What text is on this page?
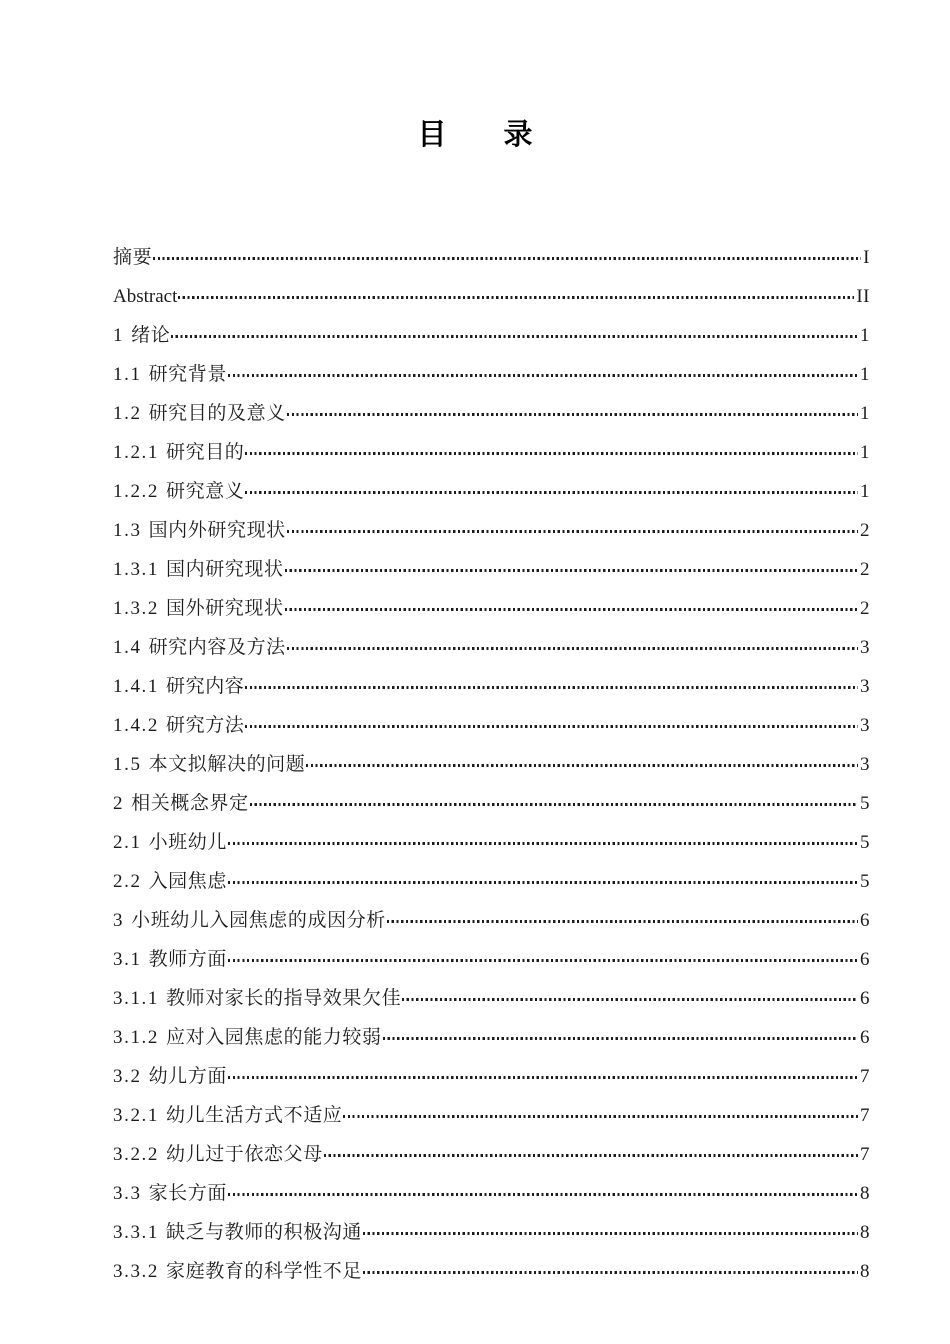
目　录
摘要	I
Abstract	II
1 绪论	1
1.1 研究背景	1
1.2 研究目的及意义	1
1.2.1 研究目的	1
1.2.2 研究意义	1
1.3 国内外研究现状	2
1.3.1 国内研究现状	2
1.3.2 国外研究现状	2
1.4 研究内容及方法	3
1.4.1 研究内容	3
1.4.2 研究方法	3
1.5 本文拟解决的问题	3
2 相关概念界定	5
2.1 小班幼儿	5
2.2 入园焦虑	5
3 小班幼儿入园焦虑的成因分析	6
3.1 教师方面	6
3.1.1 教师对家长的指导效果欠佳	6
3.1.2 应对入园焦虑的能力较弱	6
3.2 幼儿方面	7
3.2.1 幼儿生活方式不适应	7
3.2.2 幼儿过于依恋父母	7
3.3 家长方面	8
3.3.1 缺乏与教师的积极沟通	8
3.3.2 家庭教育的科学性不足	8
